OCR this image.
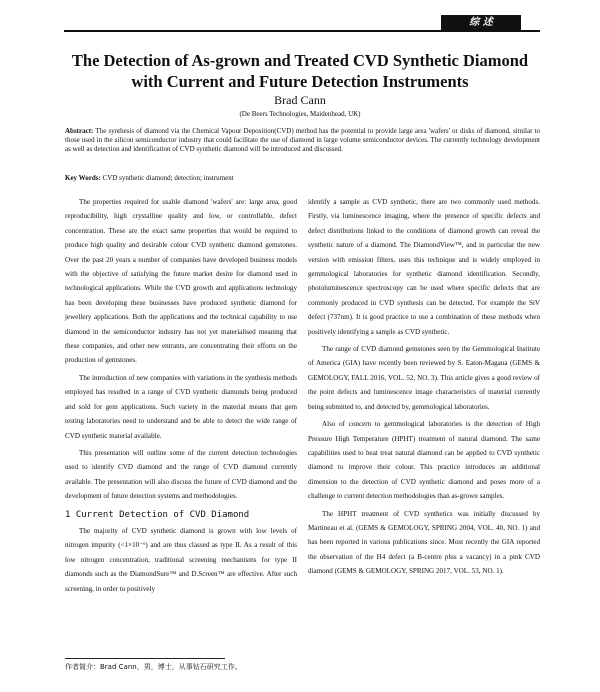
综 述
The Detection of As-grown and Treated CVD Synthetic Diamond
with Current and Future Detection Instruments
Brad Cann
(De Beers Technologies, Maidenhead, UK)
Abstract: The synthesis of diamond via the Chemical Vapour Deposition(CVD) method has the potential to provide large area 'wafers' or disks of diamond, similar to those used in the silicon semiconductor industry that could facilitate the use of diamond in large volume semiconductor devices. The currently technology development as well as detection and identification of CVD synthetic diamond will be introduced and discussed.
Key Words: CVD synthetic diamond; detection; instrument

The properties required for usable diamond 'wafers' are: large area, good reproducibility, high crystalline quality and low, or controllable, defect concentration. These are the exact same properties that would be required to produce high quality and desirable colour CVD synthetic diamond gemstones. Over the past 20 years a number of companies have developed business models with the objective of satisfying the future market desire for diamond used in technological applications. While the CVD growth and applications technology has been developing these businesses have produced synthetic diamond for jewellery applications. Both the applications and the technical capability to use diamond in the semiconductor industry has not yet materialised meaning that these companies, and other new entrants, are concentrating their efforts on the production of gemstones.

The introduction of new companies with variations in the synthesis methods employed has resulted in a range of CVD synthetic diamonds being produced and sold for gem applications. Such variety in the material means that gem testing laboratories need to understand and be able to detect the wide range of CVD synthetic material available.

This presentation will outline some of the current detection technologies used to identify CVD diamond and the range of CVD diamond currently available. The presentation will also discuss the future of CVD diamond and the development of future detection systems and methodologies.

1 Current Detection of CVD Diamond

The majority of CVD synthetic diamond is grown with low levels of nitrogen impurity (<1×10⁻⁶) and are thus classed as type II. As a result of this low nitrogen concentration, traditional screening mechanisms for type II diamonds such as the DiamondSure™ and D.Screen™ are effective. After such screening, in order to positively

identify a sample as CVD synthetic, there are two commonly used methods. Firstly, via luminescence imaging, where the presence of specific defects and defect distributions linked to the conditions of diamond growth can reveal the synthetic nature of a diamond. The DiamondView™, and in particular the new version with emission filters, uses this technique and is widely employed in gemmological laboratories for synthetic diamond identification. Secondly, photoluminescence spectroscopy can be used where specific defects that are commonly produced in CVD synthesis can be detected. For example the SiV defect (737nm). It is good practice to use a combination of these methods when positively identifying a sample as CVD synthetic.

The range of CVD diamond gemstones seen by the Gemmological Institute of America (GIA) have recently been reviewed by S. Eaton-Magana (GEMS & GEMOLOGY, FALL 2016, VOL. 52, NO. 3). This article gives a good review of the point defects and luminescence image characteristics of material currently being submitted to, and detected by, gemmological laboratories.

Also of concern to gemmological laboratories is the detection of High Pressure High Temperature (HPHT) treatment of natural diamond. The same capabilities used to heat treat natural diamond can be applied to CVD synthetic diamond to improve their colour. This practice introduces an additional dimension to the detection of CVD synthetic diamond and poses more of a challenge to current detection methodologies than as-grown samples.

The HPHT treatment of CVD synthetics was initially discussed by Martineau et al. (GEMS & GEMOLOGY, SPRING 2004, VOL. 40, NO. 1) and has been reported in various publications since. Most recently the GIA reported the observation of the H4 defect (a B-centre plus a vacancy) in a pink CVD diamond (GEMS & GEMOLOGY, SPRING 2017, VOL. 53, NO. 1).

作者简介：Brad Cann，男，博士，从事钻石研究工作。
